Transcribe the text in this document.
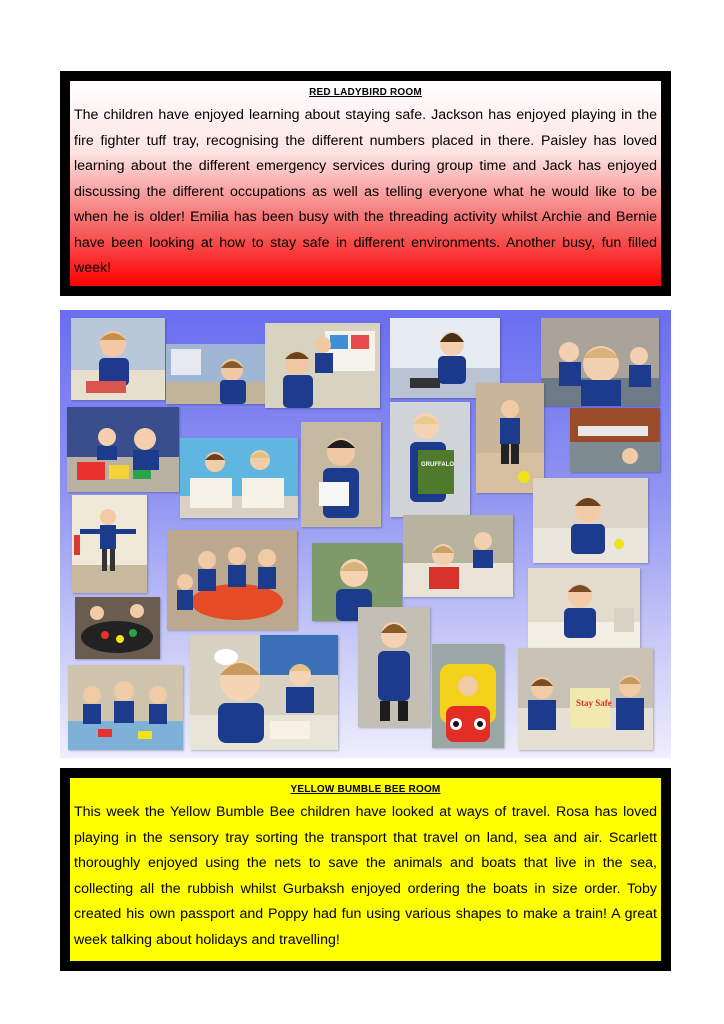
RED LADYBIRD ROOM

The children have enjoyed learning about staying safe. Jackson has enjoyed playing in the fire fighter tuff tray, recognising the different numbers placed in there. Paisley has loved learning about the different emergency services during group time and Jack has enjoyed discussing the different occupations as well as telling everyone what he would like to be when he is older! Emilia has been busy with the threading activity whilst Archie and Bernie have been looking at how to stay safe in different environments. Another busy, fun filled week!

GRUFFALO
Stay Safe

YELLOW BUMBLE BEE ROOM

This week the Yellow Bumble Bee children have looked at ways of travel. Rosa has loved playing in the sensory tray sorting the transport that travel on land, sea and air. Scarlett thoroughly enjoyed using the nets to save the animals and boats that live in the sea, collecting all the rubbish whilst Gurbaksh enjoyed ordering the boats in size order. Toby created his own passport and Poppy had fun using various shapes to make a train! A great week talking about holidays and travelling!
